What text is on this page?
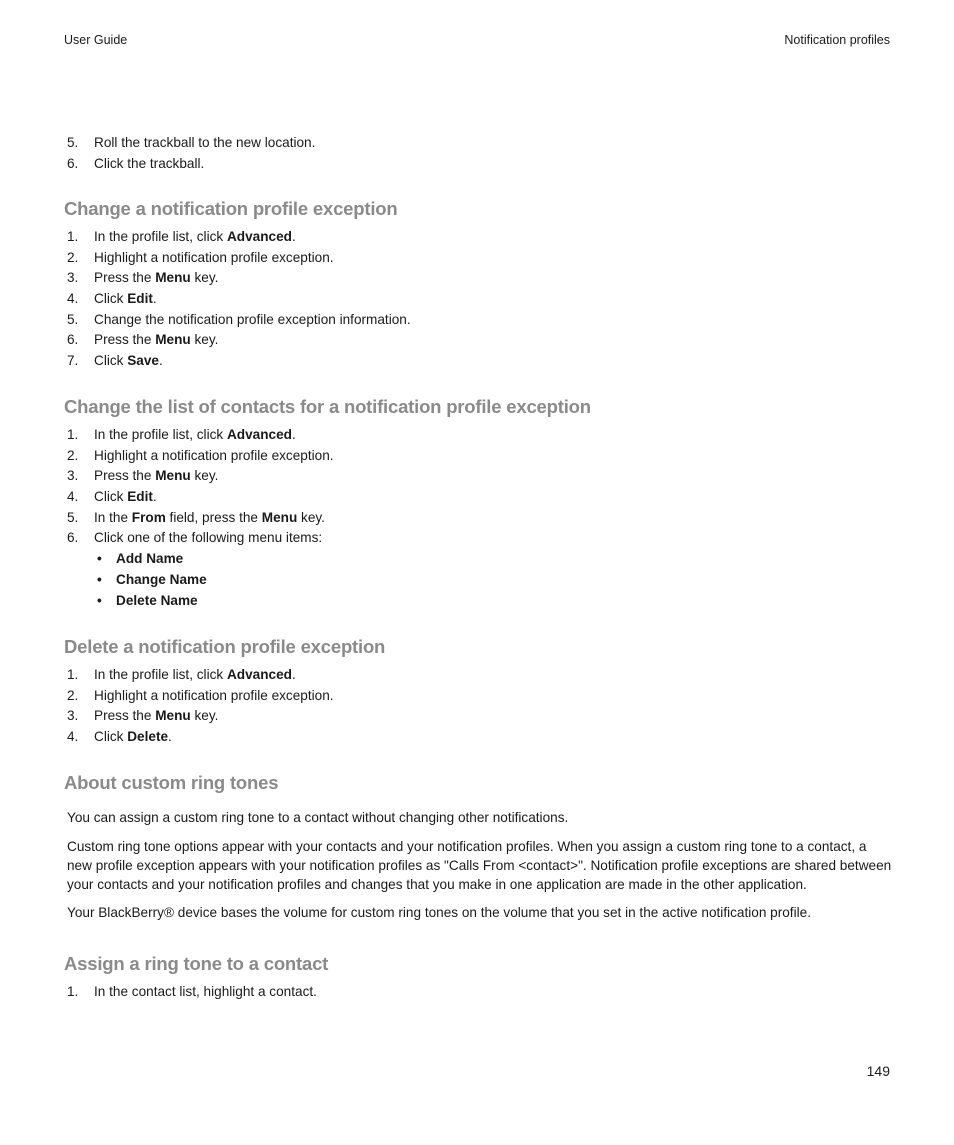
User Guide	Notification profiles
5. Roll the trackball to the new location.
6. Click the trackball.
Change a notification profile exception
1. In the profile list, click Advanced.
2. Highlight a notification profile exception.
3. Press the Menu key.
4. Click Edit.
5. Change the notification profile exception information.
6. Press the Menu key.
7. Click Save.
Change the list of contacts for a notification profile exception
1. In the profile list, click Advanced.
2. Highlight a notification profile exception.
3. Press the Menu key.
4. Click Edit.
5. In the From field, press the Menu key.
6. Click one of the following menu items:
• Add Name
• Change Name
• Delete Name
Delete a notification profile exception
1. In the profile list, click Advanced.
2. Highlight a notification profile exception.
3. Press the Menu key.
4. Click Delete.
About custom ring tones

You can assign a custom ring tone to a contact without changing other notifications.

Custom ring tone options appear with your contacts and your notification profiles. When you assign a custom ring tone to a contact, a new profile exception appears with your notification profiles as "Calls From <contact>". Notification profile exceptions are shared between your contacts and your notification profiles and changes that you make in one application are made in the other application.

Your BlackBerry® device bases the volume for custom ring tones on the volume that you set in the active notification profile.

Assign a ring tone to a contact
1. In the contact list, highlight a contact.
149
